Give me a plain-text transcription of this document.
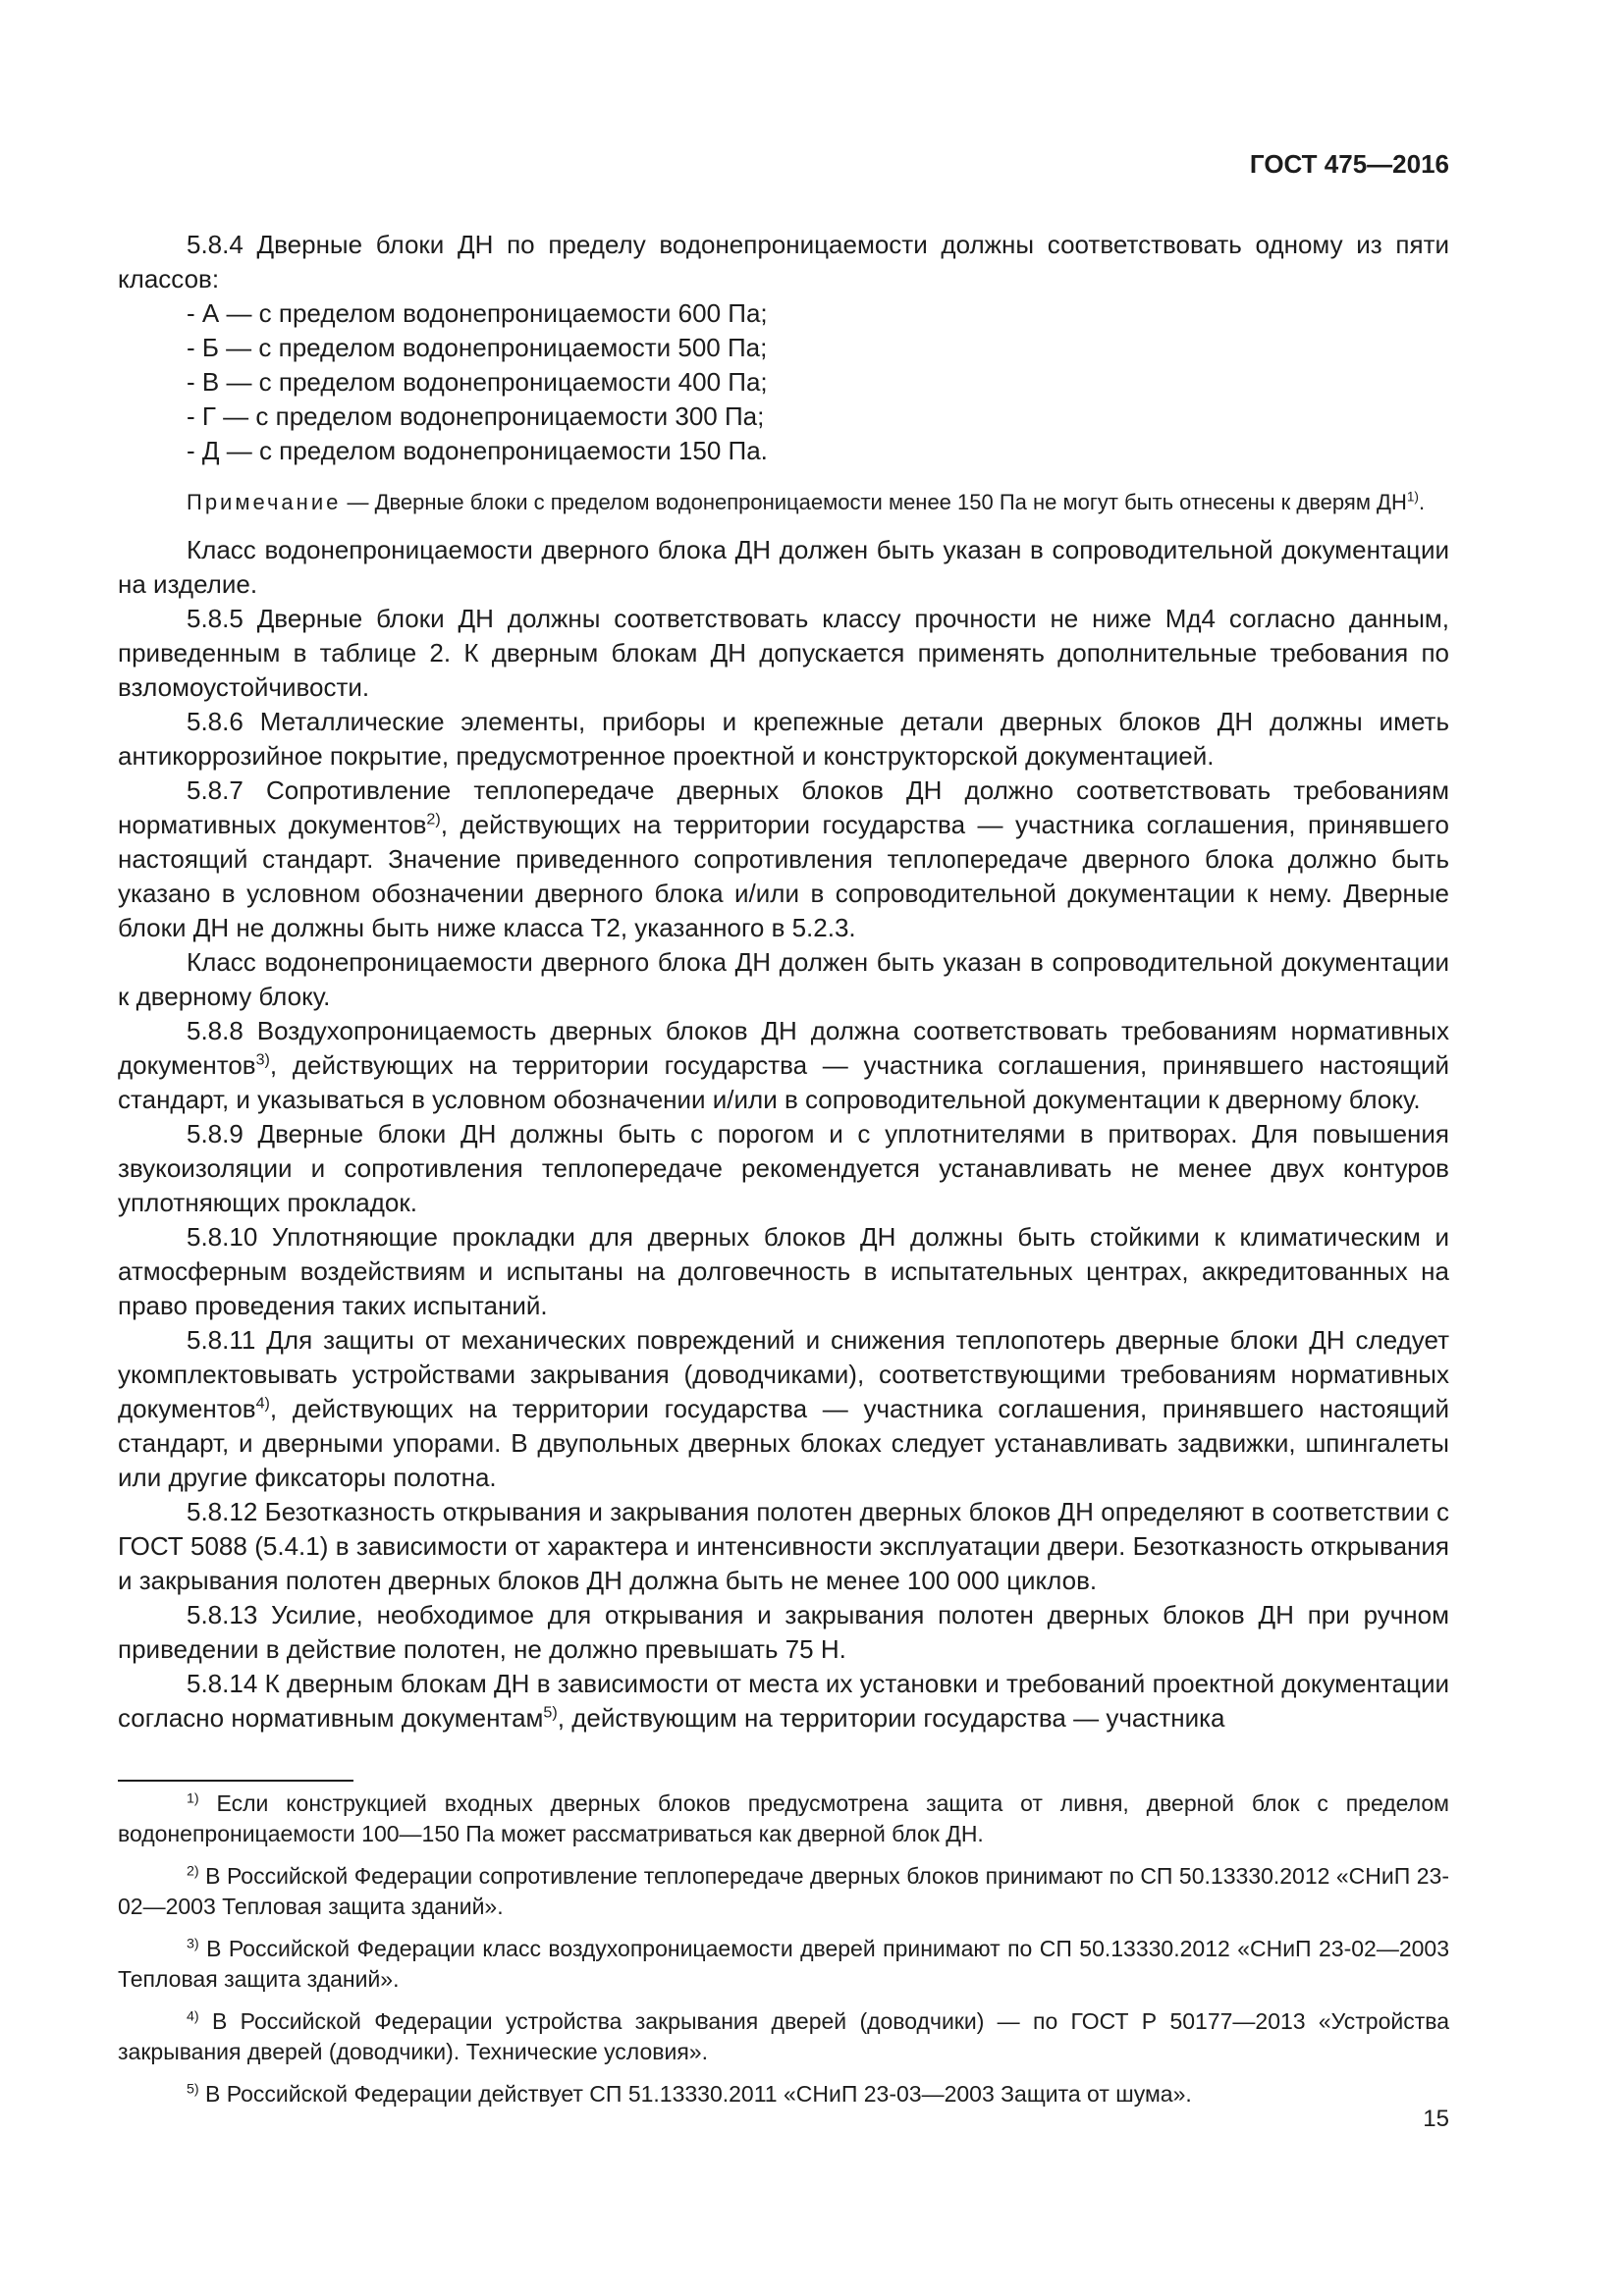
ГОСТ 475—2016

5.8.4 Дверные блоки ДН по пределу водонепроницаемости должны соответствовать одному из пяти классов:

- А — с пределом водонепроницаемости 600 Па;
- Б — с пределом водонепроницаемости 500 Па;
- В — с пределом водонепроницаемости 400 Па;
- Г — с пределом водонепроницаемости 300 Па;
- Д — с пределом водонепроницаемости 150 Па.
Примечание — Дверные блоки с пределом водонепроницаемости менее 150 Па не могут быть отнесены к дверям ДН$^{1)}$.

Класс водонепроницаемости дверного блока ДН должен быть указан в сопроводительной документации на изделие.

5.8.5 Дверные блоки ДН должны соответствовать классу прочности не ниже Мд4 согласно данным, приведенным в таблице 2. К дверным блокам ДН допускается применять дополнительные требования по взломоустойчивости.

5.8.6 Металлические элементы, приборы и крепежные детали дверных блоков ДН должны иметь антикоррозийное покрытие, предусмотренное проектной и конструкторской документацией.

5.8.7 Сопротивление теплопередаче дверных блоков ДН должно соответствовать требованиям нормативных документов$^{2)}$, действующих на территории государства — участника соглашения, принявшего настоящий стандарт. Значение приведенного сопротивления теплопередаче дверного блока должно быть указано в условном обозначении дверного блока и/или в сопроводительной документации к нему. Дверные блоки ДН не должны быть ниже класса Т2, указанного в 5.2.3.

Класс водонепроницаемости дверного блока ДН должен быть указан в сопроводительной документации к дверному блоку.

5.8.8 Воздухопроницаемость дверных блоков ДН должна соответствовать требованиям нормативных документов$^{3)}$, действующих на территории государства — участника соглашения, принявшего настоящий стандарт, и указываться в условном обозначении и/или в сопроводительной документации к дверному блоку.

5.8.9 Дверные блоки ДН должны быть с порогом и с уплотнителями в притворах. Для повышения звукоизоляции и сопротивления теплопередаче рекомендуется устанавливать не менее двух контуров уплотняющих прокладок.

5.8.10 Уплотняющие прокладки для дверных блоков ДН должны быть стойкими к климатическим и атмосферным воздействиям и испытаны на долговечность в испытательных центрах, аккредитованных на право проведения таких испытаний.

5.8.11 Для защиты от механических повреждений и снижения теплопотерь дверные блоки ДН следует укомплектовывать устройствами закрывания (доводчиками), соответствующими требованиям нормативных документов$^{4)}$, действующих на территории государства — участника соглашения, принявшего настоящий стандарт, и дверными упорами. В двупольных дверных блоках следует устанавливать задвижки, шпингалеты или другие фиксаторы полотна.

5.8.12 Безотказность открывания и закрывания полотен дверных блоков ДН определяют в соответствии с ГОСТ 5088 (5.4.1) в зависимости от характера и интенсивности эксплуатации двери. Безотказность открывания и закрывания полотен дверных блоков ДН должна быть не менее 100 000 циклов.

5.8.13 Усилие, необходимое для открывания и закрывания полотен дверных блоков ДН при ручном приведении в действие полотен, не должно превышать 75 Н.

5.8.14 К дверным блокам ДН в зависимости от места их установки и требований проектной документации согласно нормативным документам$^{5)}$, действующим на территории государства — участника

$^{1)}$ Если конструкцией входных дверных блоков предусмотрена защита от ливня, дверной блок с пределом водонепроницаемости 100—150 Па может рассматриваться как дверной блок ДН.

$^{2)}$ В Российской Федерации сопротивление теплопередаче дверных блоков принимают по СП 50.13330.2012 «СНиП 23-02—2003 Тепловая защита зданий».

$^{3)}$ В Российской Федерации класс воздухопроницаемости дверей принимают по СП 50.13330.2012 «СНиП 23-02—2003 Тепловая защита зданий».

$^{4)}$ В Российской Федерации устройства закрывания дверей (доводчики) — по ГОСТ Р 50177—2013 «Устройства закрывания дверей (доводчики). Технические условия».

$^{5)}$ В Российской Федерации действует СП 51.13330.2011 «СНиП 23-03—2003 Защита от шума».

15
